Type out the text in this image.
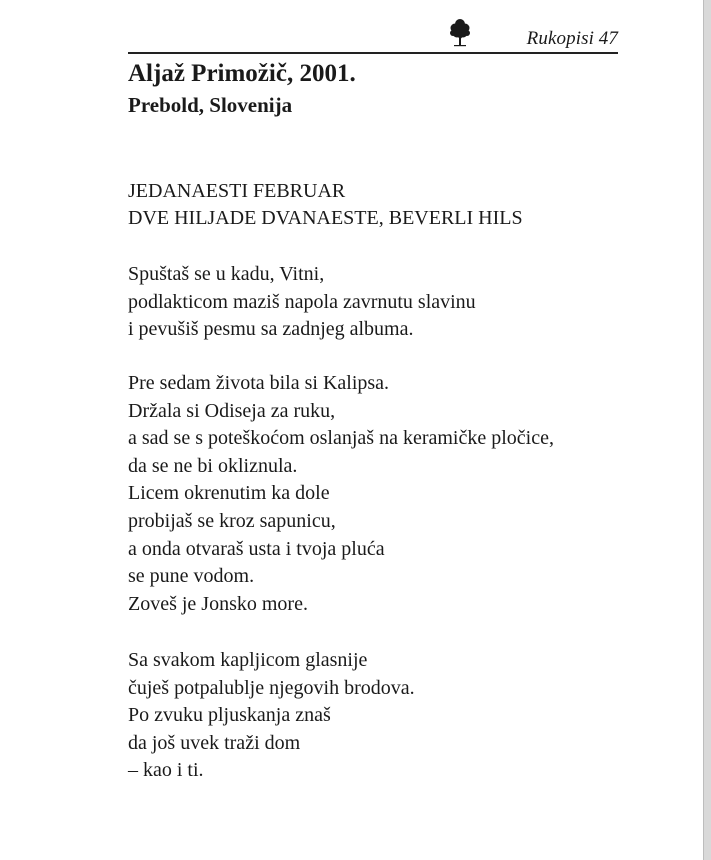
Rukopisi 47
Aljaž Primožič, 2001.
Prebold, Slovenija
JEDANAESTI FEBRUAR
DVE HILJADE DVANAESTE, BEVERLI HILS
Spuštaš se u kadu, Vitni,
podlakticom maziš napola zavrnutu slavinu
i pevušiš pesmu sa zadnjeg albuma.
Pre sedam života bila si Kalipsa.
Držala si Odiseja za ruku,
a sad se s poteškoćom oslanjaš na keramičke pločice,
da se ne bi okliznula.
Licem okrenutim ka dole
probijaš se kroz sapunicu,
a onda otvaraš usta i tvoja pluća
se pune vodom.
Zoveš je Jonsko more.
Sa svakom kapljicom glasnije
čuješ potpalublje njegovih brodova.
Po zvuku pljuskanja znaš
da još uvek traži dom
– kao i ti.
